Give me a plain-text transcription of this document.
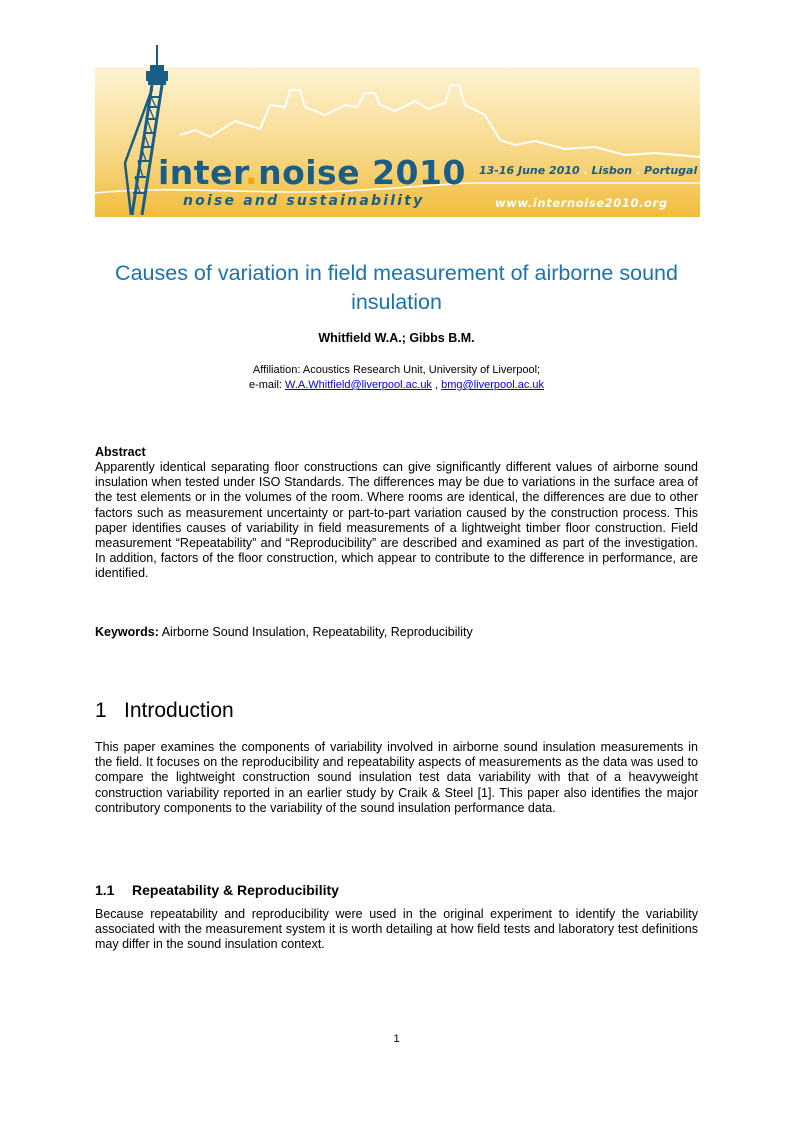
inter.noise 2010
noise and sustainability
13-16 June 2010 . Lisbon . Portugal
www.internoise2010.org
Causes of variation in field measurement of airborne sound insulation
Whitfield W.A.; Gibbs B.M.
Affiliation: Acoustics Research Unit, University of Liverpool;
e-mail: W.A.Whitfield@liverpool.ac.uk , bmg@liverpool.ac.uk
Abstract
Apparently identical separating floor constructions can give significantly different values of airborne sound insulation when tested under ISO Standards. The differences may be due to variations in the surface area of the test elements or in the volumes of the room. Where rooms are identical, the differences are due to other factors such as measurement uncertainty or part-to-part variation caused by the construction process. This paper identifies causes of variability in field measurements of a lightweight timber floor construction. Field measurement “Repeatability” and “Reproducibility” are described and examined as part of the investigation. In addition, factors of the floor construction, which appear to contribute to the difference in performance, are identified.
Keywords: Airborne Sound Insulation, Repeatability, Reproducibility
1 Introduction
This paper examines the components of variability involved in airborne sound insulation measurements in the field. It focuses on the reproducibility and repeatability aspects of measurements as the data was used to compare the lightweight construction sound insulation test data variability with that of a heavyweight construction variability reported in an earlier study by Craik & Steel [1]. This paper also identifies the major contributory components to the variability of the sound insulation performance data.
1.1 Repeatability & Reproducibility
Because repeatability and reproducibility were used in the original experiment to identify the variability associated with the measurement system it is worth detailing at how field tests and laboratory test definitions may differ in the sound insulation context.
1
